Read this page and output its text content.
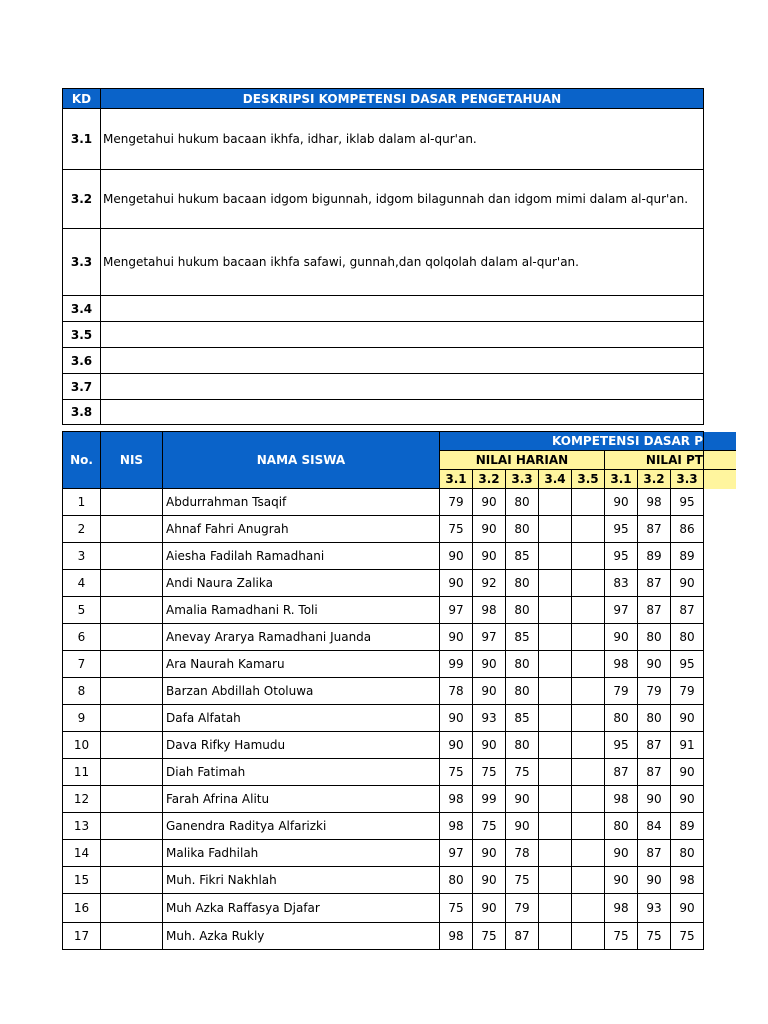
KD	DESKRIPSI KOMPETENSI DASAR PENGETAHUAN
3.1	Mengetahui hukum bacaan ikhfa, idhar, iklab dalam al-qur'an.
3.2	Mengetahui hukum bacaan idgom bigunnah, idgom bilagunnah dan idgom mimi dalam al-qur'an.
3.3	Mengetahui hukum bacaan ikhfa safawi, gunnah,dan qolqolah dalam al-qur'an.
3.4	
3.5	
3.6	
3.7	
3.8	
No.	NIS	NAMA SISWA	KOMPETENSI DASAR P								
			NILAI HARIAN					NILAI PT			
			3.1	3.2	3.3	3.4	3.5	3.1	3.2	3.3	
1		Abdurrahman Tsaqif	79	90	80			90	98	95	
2		Ahnaf Fahri Anugrah	75	90	80			95	87	86	
3		Aiesha Fadilah Ramadhani	90	90	85			95	89	89	
4		Andi Naura Zalika	90	92	80			83	87	90	
5		Amalia Ramadhani R. Toli	97	98	80			97	87	87	
6		Anevay Ararya Ramadhani Juanda	90	97	85			90	80	80	
7		Ara Naurah Kamaru	99	90	80			98	90	95	
8		Barzan Abdillah Otoluwa	78	90	80			79	79	79	
9		Dafa Alfatah	90	93	85			80	80	90	
10		Dava Rifky Hamudu	90	90	80			95	87	91	
11		Diah Fatimah	75	75	75			87	87	90	
12		Farah Afrina Alitu	98	99	90			98	90	90	
13		Ganendra Raditya Alfarizki	98	75	90			80	84	89	
14		Malika Fadhilah	97	90	78			90	87	80	
15		Muh. Fikri Nakhlah	80	90	75			90	90	98	
16		Muh Azka Raffasya Djafar	75	90	79			98	93	90	
17		Muh. Azka Rukly	98	75	87			75	75	75	
